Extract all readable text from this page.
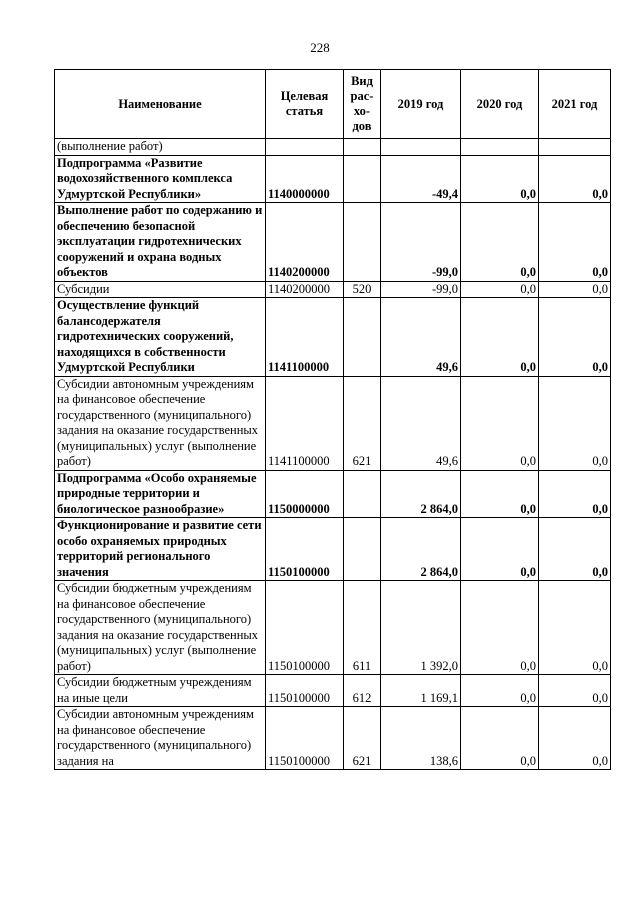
228
Наименование	Целевая статья	Вид рас-хо-дов	2019 год	2020 год	2021 год
(выполнение работ)					
Подпрограмма «Развитие водохозяйственного комплекса Удмуртской Республики»	1140000000		-49,4	0,0	0,0
Выполнение работ по содержанию и обеспечению безопасной эксплуатации гидротехнических сооружений и охрана водных объектов	1140200000		-99,0	0,0	0,0
Субсидии	1140200000	520	-99,0	0,0	0,0
Осуществление функций балансодержателя гидротехнических сооружений, находящихся в собственности Удмуртской Республики	1141100000		49,6	0,0	0,0
Субсидии автономным учреждениям на финансовое обеспечение государственного (муниципального) задания на оказание государственных (муниципальных) услуг (выполнение работ)	1141100000	621	49,6	0,0	0,0
Подпрограмма «Особо охраняемые природные территории и биологическое разнообразие»	1150000000		2 864,0	0,0	0,0
Функционирование и развитие сети особо охраняемых природных территорий регионального значения	1150100000		2 864,0	0,0	0,0
Субсидии бюджетным учреждениям на финансовое обеспечение государственного (муниципального) задания на оказание государственных (муниципальных) услуг (выполнение работ)	1150100000	611	1 392,0	0,0	0,0
Субсидии бюджетным учреждениям на иные цели	1150100000	612	1 169,1	0,0	0,0
Субсидии автономным учреждениям на финансовое обеспечение государственного (муниципального) задания на	1150100000	621	138,6	0,0	0,0
